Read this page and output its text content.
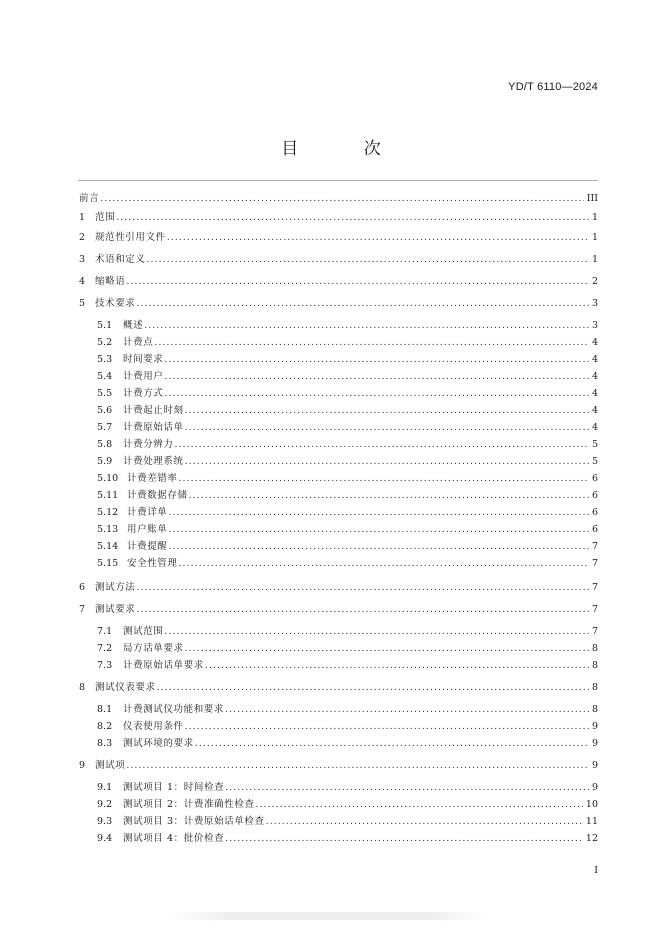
YD/T 6110—2024
目 次
前言 .....	III
1	范围 .....	1
2	规范性引用文件 .....	1
3	术语和定义 .....	1
4	缩略语 .....	2
5	技术要求 .....	3
5.1	概述 .....	3
5.2	计费点 .....	4
5.3	时间要求 .....	4
5.4	计费用户 .....	4
5.5	计费方式 .....	4
5.6	计费起止时刻 .....	4
5.7	计费原始话单 .....	4
5.8	计费分辨力 .....	5
5.9	计费处理系统 .....	5
5.10 计费差错率 .....	6
5.11 计费数据存储 .....	6
5.12 计费详单 .....	6
5.13 用户账单 .....	6
5.14 计费提醒 .....	7
5.15 安全性管理 .....	7
6	测试方法 .....	7
7	测试要求 .....	7
7.1	测试范围 .....	7
7.2	局方话单要求 .....	8
7.3	计费原始话单要求 .....	8
8	测试仪表要求 .....	8
8.1	计费测试仪功能和要求 .....	8
8.2	仪表使用条件 .....	9
8.3	测试环境的要求 .....	9
9	测试项 .....	9
9.1	测试项目 1：时间检查 .....	9
9.2	测试项目 2：计费准确性检查 .....	10
9.3	测试项目 3：计费原始话单检查 .....	11
9.4	测试项目 4：批价检查 .....	12
I
